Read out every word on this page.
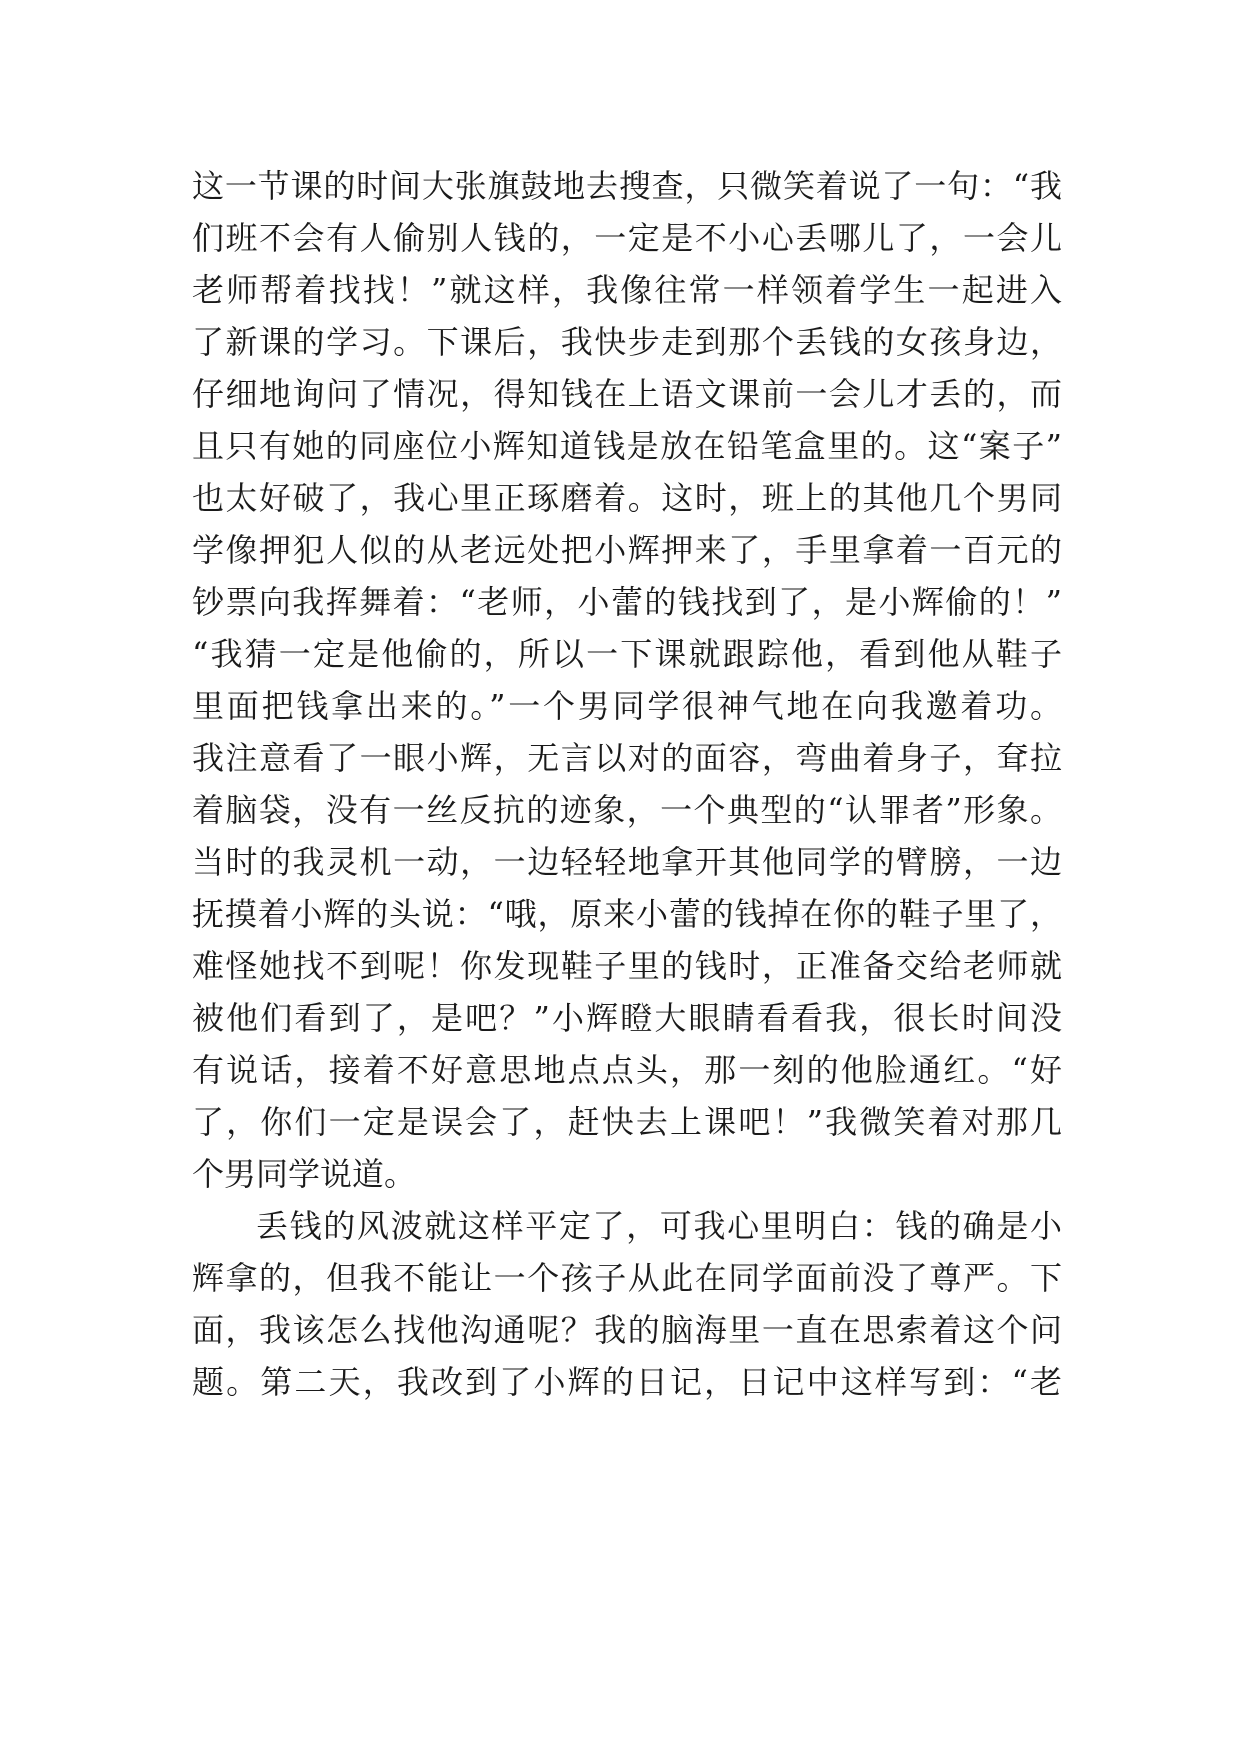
这一节课的时间大张旗鼓地去搜查，只微笑着说了一句：“我
们班不会有人偷别人钱的，一定是不小心丢哪儿了，一会儿
老师帮着找找！”就这样，我像往常一样领着学生一起进入
了新课的学习。下课后，我快步走到那个丢钱的女孩身边，
仔细地询问了情况，得知钱在上语文课前一会儿才丢的，而
且只有她的同座位小辉知道钱是放在铅笔盒里的。这“案子”
也太好破了，我心里正琢磨着。这时，班上的其他几个男同
学像押犯人似的从老远处把小辉押来了，手里拿着一百元的
钞票向我挥舞着：“老师，小蕾的钱找到了，是小辉偷的！”
“我猜一定是他偷的，所以一下课就跟踪他，看到他从鞋子
里面把钱拿出来的。”一个男同学很神气地在向我邀着功。
我注意看了一眼小辉，无言以对的面容，弯曲着身子，耷拉
着脑袋，没有一丝反抗的迹象，一个典型的“认罪者”形象。
当时的我灵机一动，一边轻轻地拿开其他同学的臂膀，一边
抚摸着小辉的头说：“哦，原来小蕾的钱掉在你的鞋子里了，
难怪她找不到呢！你发现鞋子里的钱时，正准备交给老师就
被他们看到了，是吧？”小辉瞪大眼睛看看我，很长时间没
有说话，接着不好意思地点点头，那一刻的他脸通红。“好
了，你们一定是误会了，赶快去上课吧！”我微笑着对那几
个男同学说道。
丢钱的风波就这样平定了，可我心里明白：钱的确是小
辉拿的，但我不能让一个孩子从此在同学面前没了尊严。下
面，我该怎么找他沟通呢？我的脑海里一直在思索着这个问
题。第二天，我改到了小辉的日记，日记中这样写到：“老
